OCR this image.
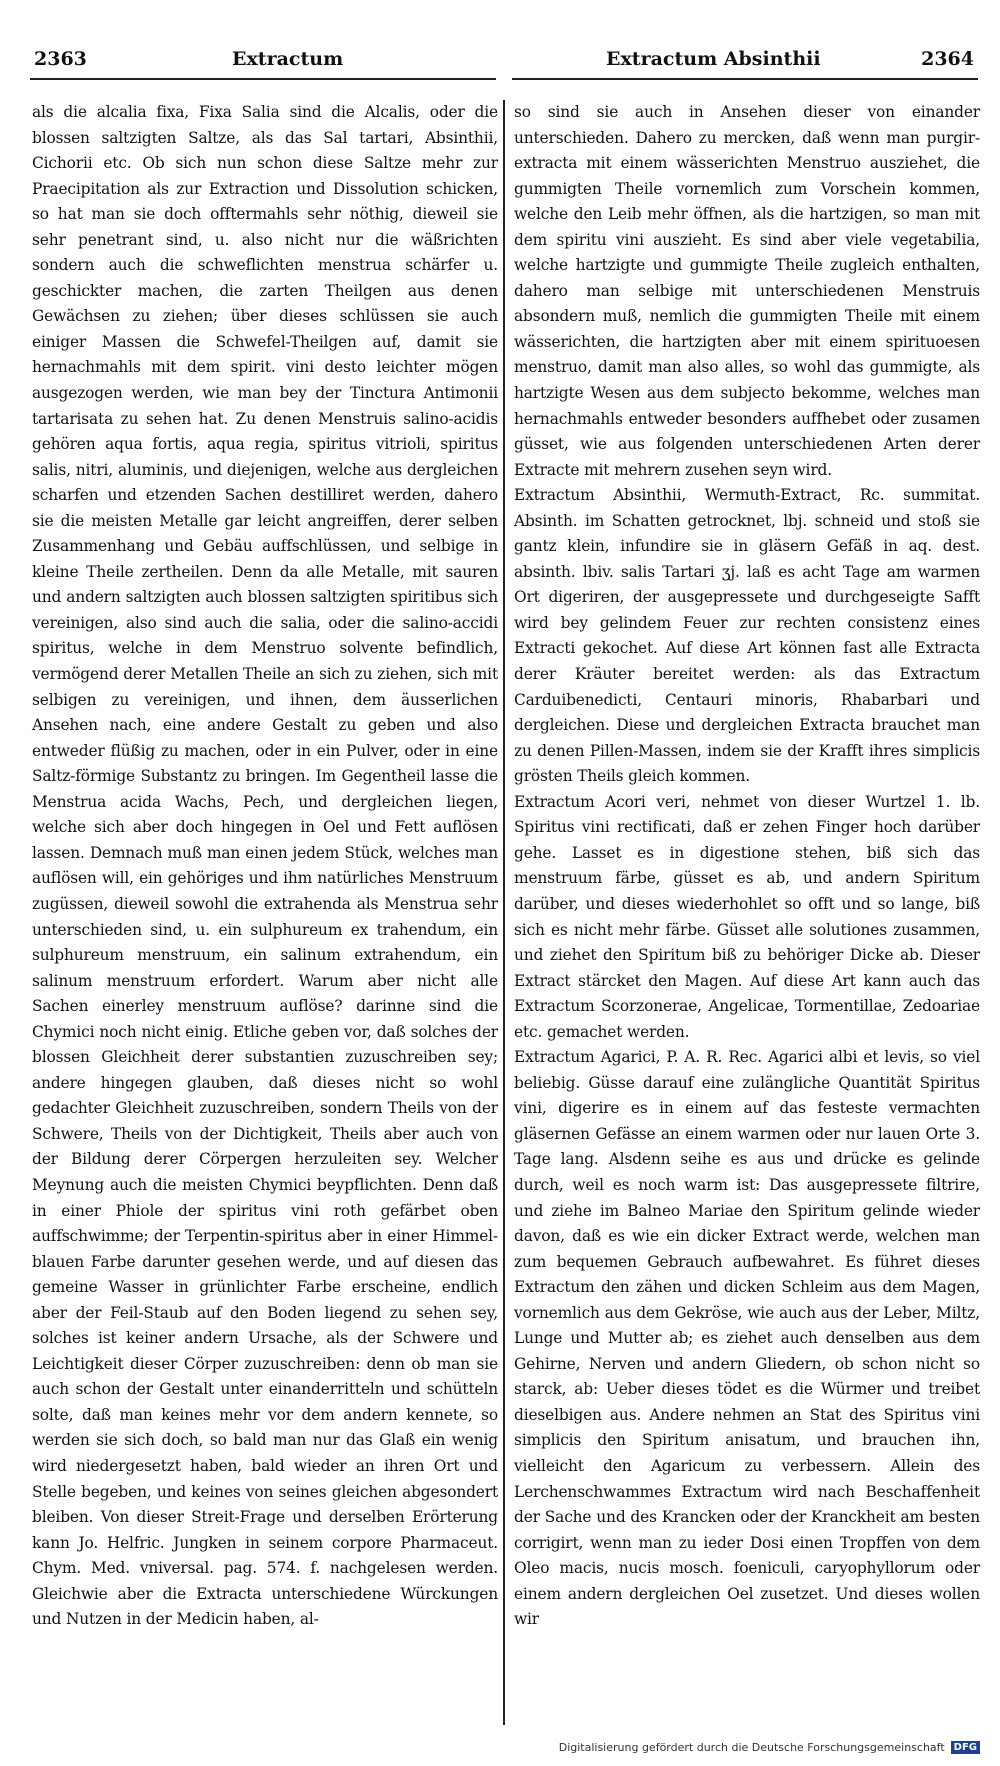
2363	Extractum	Extractum Absinthii	2364

als die alcalia fixa, Fixa Salia sind die Alcalis, oder die blossen saltzigten Saltze, als das Sal tartari, Absinthii, Cichorii etc. Ob sich nun schon diese Saltze mehr zur Praecipitation als zur Extraction und Dissolution schicken, so hat man sie doch offtermahls sehr nöthig, dieweil sie sehr penetrant sind, u. also nicht nur die wäßrichten sondern auch die schweflichten menstrua schärfer u. geschickter machen, die zarten Theilgen aus denen Gewächsen zu ziehen; über dieses schlüssen sie auch einiger Massen die Schwefel-Theilgen auf, damit sie hernachmahls mit dem spirit. vini desto leichter mögen ausgezogen werden, wie man bey der Tinctura Antimonii tartarisata zu sehen hat. Zu denen Menstruis salino-acidis gehören aqua fortis, aqua regia, spiritus vitrioli, spiritus salis, nitri, aluminis, und diejenigen, welche aus dergleichen scharfen und etzenden Sachen destilliret werden, dahero sie die meisten Metalle gar leicht angreiffen, derer selben Zusammenhang und Gebäu auffschlüssen, und selbige in kleine Theile zertheilen. Denn da alle Metalle, mit sauren und andern saltzigten auch blossen saltzigten spiritibus sich vereinigen, also sind auch die salia, oder die salino-accidi spiritus, welche in dem Menstruo solvente befindlich, vermögend derer Metallen Theile an sich zu ziehen, sich mit selbigen zu vereinigen, und ihnen, dem äusserlichen Ansehen nach, eine andere Gestalt zu geben und also entweder flüßig zu machen, oder in ein Pulver, oder in eine Saltz-förmige Substantz zu bringen. Im Gegentheil lasse die Menstrua acida Wachs, Pech, und dergleichen liegen, welche sich aber doch hingegen in Oel und Fett auflösen lassen. Demnach muß man einen jedem Stück, welches man auflösen will, ein gehöriges und ihm natürliches Menstruum zugüssen, dieweil sowohl die extrahenda als Menstrua sehr unterschieden sind, u. ein sulphureum ex trahendum, ein sulphureum menstruum, ein salinum extrahendum, ein salinum menstruum erfordert. Warum aber nicht alle Sachen einerley menstruum auflöse? darinne sind die Chymici noch nicht einig. Etliche geben vor, daß solches der blossen Gleichheit derer substantien zuzuschreiben sey; andere hingegen glauben, daß dieses nicht so wohl gedachter Gleichheit zuzuschreiben, sondern Theils von der Schwere, Theils von der Dichtigkeit, Theils aber auch von der Bildung derer Cörpergen herzuleiten sey. Welcher Meynung auch die meisten Chymici beypflichten. Denn daß in einer Phiole der spiritus vini roth gefärbet oben auffschwimme; der Terpentin-spiritus aber in einer Himmel-blauen Farbe darunter gesehen werde, und auf diesen das gemeine Wasser in grünlichter Farbe erscheine, endlich aber der Feil-Staub auf den Boden liegend zu sehen sey, solches ist keiner andern Ursache, als der Schwere und Leichtigkeit dieser Cörper zuzuschreiben: denn ob man sie auch schon der Gestalt unter einanderritteln und schütteln solte, daß man keines mehr vor dem andern kennete, so werden sie sich doch, so bald man nur das Glaß ein wenig wird niedergesetzt haben, bald wieder an ihren Ort und Stelle begeben, und keines von seines gleichen abgesondert bleiben. Von dieser Streit-Frage und derselben Erörterung kann Jo. Helfric. Jungken in seinem corpore Pharmaceut. Chym. Med. vniversal. pag. 574. f. nachgelesen werden. Gleichwie aber die Extracta unterschiedene Würckungen und Nutzen in der Medicin haben, al-

so sind sie auch in Ansehen dieser von einander unterschieden. Dahero zu mercken, daß wenn man purgir-extracta mit einem wässerichten Menstruo ausziehet, die gummigten Theile vornemlich zum Vorschein kommen, welche den Leib mehr öffnen, als die hartzigen, so man mit dem spiritu vini auszieht. Es sind aber viele vegetabilia, welche hartzigte und gummigte Theile zugleich enthalten, dahero man selbige mit unterschiedenen Menstruis absondern muß, nemlich die gummigten Theile mit einem wässerichten, die hartzigten aber mit einem spirituoesen menstruo, damit man also alles, so wohl das gummigte, als hartzigte Wesen aus dem subjecto bekomme, welches man hernachmahls entweder besonders auffhebet oder zusamen güsset, wie aus folgenden unterschiedenen Arten derer Extracte mit mehrern zusehen seyn wird.

Extractum Absinthii, Wermuth-Extract, Rc. summitat. Absinth. im Schatten getrocknet, lbj. schneid und stoß sie gantz klein, infundire sie in gläsern Gefäß in aq. dest. absinth. lbiv. salis Tartari ʒj. laß es acht Tage am warmen Ort digeriren, der ausgepressete und durchgeseigte Safft wird bey gelindem Feuer zur rechten consistenz eines Extracti gekochet. Auf diese Art können fast alle Extracta derer Kräuter bereitet werden: als das Extractum Carduibenedicti, Centauri minoris, Rhabarbari und dergleichen. Diese und dergleichen Extracta brauchet man zu denen Pillen-Massen, indem sie der Krafft ihres simplicis grösten Theils gleich kommen.

Extractum Acori veri, nehmet von dieser Wurtzel 1. lb. Spiritus vini rectificati, daß er zehen Finger hoch darüber gehe. Lasset es in digestione stehen, biß sich das menstruum färbe, güsset es ab, und andern Spiritum darüber, und dieses wiederhohlet so offt und so lange, biß sich es nicht mehr färbe. Güsset alle solutiones zusammen, und ziehet den Spiritum biß zu behöriger Dicke ab. Dieser Extract stärcket den Magen. Auf diese Art kann auch das Extractum Scorzonerae, Angelicae, Tormentillae, Zedoariae etc. gemachet werden.

Extractum Agarici, P. A. R. Rec. Agarici albi et levis, so viel beliebig. Güsse darauf eine zulängliche Quantität Spiritus vini, digerire es in einem auf das festeste vermachten gläsernen Gefässe an einem warmen oder nur lauen Orte 3. Tage lang. Alsdenn seihe es aus und drücke es gelinde durch, weil es noch warm ist: Das ausgepressete filtrire, und ziehe im Balneo Mariae den Spiritum gelinde wieder davon, daß es wie ein dicker Extract werde, welchen man zum bequemen Gebrauch aufbewahret. Es führet dieses Extractum den zähen und dicken Schleim aus dem Magen, vornemlich aus dem Gekröse, wie auch aus der Leber, Miltz, Lunge und Mutter ab; es ziehet auch denselben aus dem Gehirne, Nerven und andern Gliedern, ob schon nicht so starck, ab: Ueber dieses tödet es die Würmer und treibet dieselbigen aus. Andere nehmen an Stat des Spiritus vini simplicis den Spiritum anisatum, und brauchen ihn, vielleicht den Agaricum zu verbessern. Allein des Lerchenschwammes Extractum wird nach Beschaffenheit der Sache und des Krancken oder der Kranckheit am besten corrigirt, wenn man zu ieder Dosi einen Tropffen von dem Oleo macis, nucis mosch. foeniculi, caryophyllorum oder einem andern dergleichen Oel zusetzet. Und dieses wollen wir

Digitalisierung gefördert durch die Deutsche Forschungsgemeinschaft DFG
